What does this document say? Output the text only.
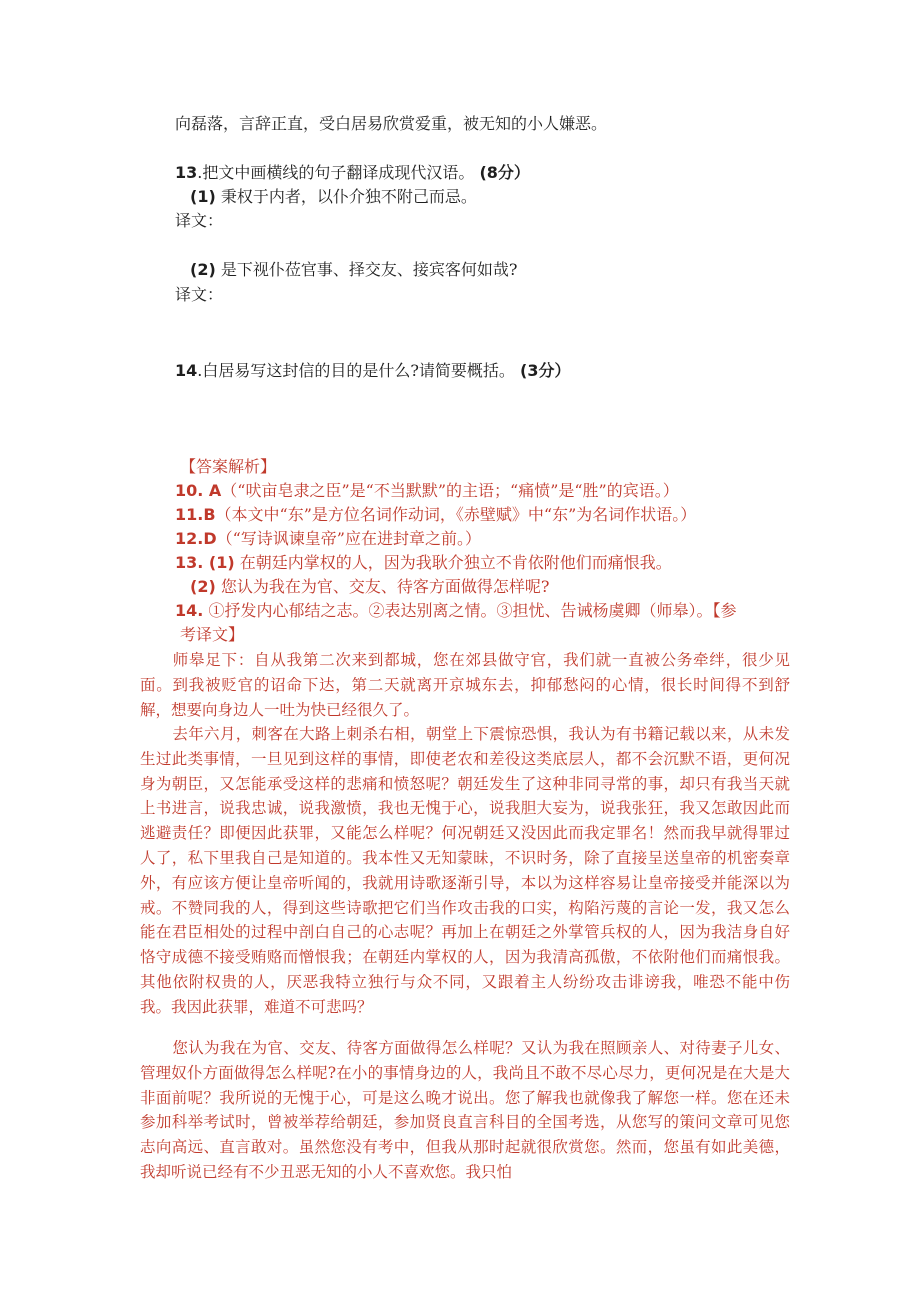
向磊落，言辞正直，受白居易欣赏爱重，被无知的小人嫌恶。
13.把文中画横线的句子翻译成现代汉语。 (8分）
(1) 秉权于内者，以仆介独不附己而忌。
译文：
(2) 是下视仆莅官事、择交友、接宾客何如哉?
译文：
14.白居易写这封信的目的是什么?请简要概括。 (3分）
【答案解析】
10. A（“吠亩皂隶之臣”是“不当默默”的主语；“痛愤”是“胜”的宾语。）
11.B（本文中“东”是方位名词作动词，《赤壁赋》中“东”为名词作状语。）
12.D（“写诗讽谏皇帝”应在进封章之前。）
13. (1) 在朝廷内掌权的人，因为我耿介独立不肯依附他们而痛恨我。
(2) 您认为我在为官、交友、待客方面做得怎样呢?
14. ①抒发内心郁结之志。②表达别离之情。③担忧、告诫杨虞卿（师皋）。【参
考译文】
师皋足下：自从我第二次来到都城，您在郊县做守官，我们就一直被公务牵绊，很少见面。到我被贬官的诏命下达，第二天就离开京城东去，抑郁愁闷的心情，很长时间得不到舒解，想要向身边人一吐为快已经很久了。
去年六月，刺客在大路上刺杀右相，朝堂上下震惊恐惧，我认为有书籍记载以来，从未发生过此类事情，一旦见到这样的事情，即使老农和差役这类底层人，都不会沉默不语，更何况身为朝臣，又怎能承受这样的悲痛和愤怒呢？朝廷发生了这种非同寻常的事，却只有我当天就上书进言，说我忠诚，说我激愤，我也无愧于心，说我胆大妄为，说我张狂，我又怎敢因此而逃避责任？即便因此获罪，又能怎么样呢？何况朝廷又没因此而我定罪名！然而我早就得罪过人了，私下里我自己是知道的。我本性又无知蒙昧，不识时务，除了直接呈送皇帝的机密奏章外，有应该方便让皇帝听闻的，我就用诗歌逐渐引导，本以为这样容易让皇帝接受并能深以为戒。不赞同我的人，得到这些诗歌把它们当作攻击我的口实，构陷污蔑的言论一发，我又怎么能在君臣相处的过程中剖白自己的心志呢？再加上在朝廷之外掌管兵权的人，因为我洁身自好恪守成德不接受贿赂而憎恨我；在朝廷内掌权的人，因为我清高孤傲，不依附他们而痛恨我。其他依附权贵的人，厌恶我特立独行与众不同，又跟着主人纷纷攻击诽谤我，唯恐不能中伤我。我因此获罪，难道不可悲吗？
您认为我在为官、交友、待客方面做得怎么样呢？又认为我在照顾亲人、对待妻子儿女、管理奴仆方面做得怎么样呢?在小的事情身边的人，我尚且不敢不尽心尽力，更何况是在大是大非面前呢？我所说的无愧于心，可是这么晚才说出。您了解我也就像我了解您一样。您在还未参加科举考试时，曾被举荐给朝廷，参加贤良直言科目的全国考选，从您写的策问文章可见您志向高远、直言敢对。虽然您没有考中，但我从那时起就很欣赏您。然而，您虽有如此美德，我却听说已经有不少丑恶无知的小人不喜欢您。我只怕
